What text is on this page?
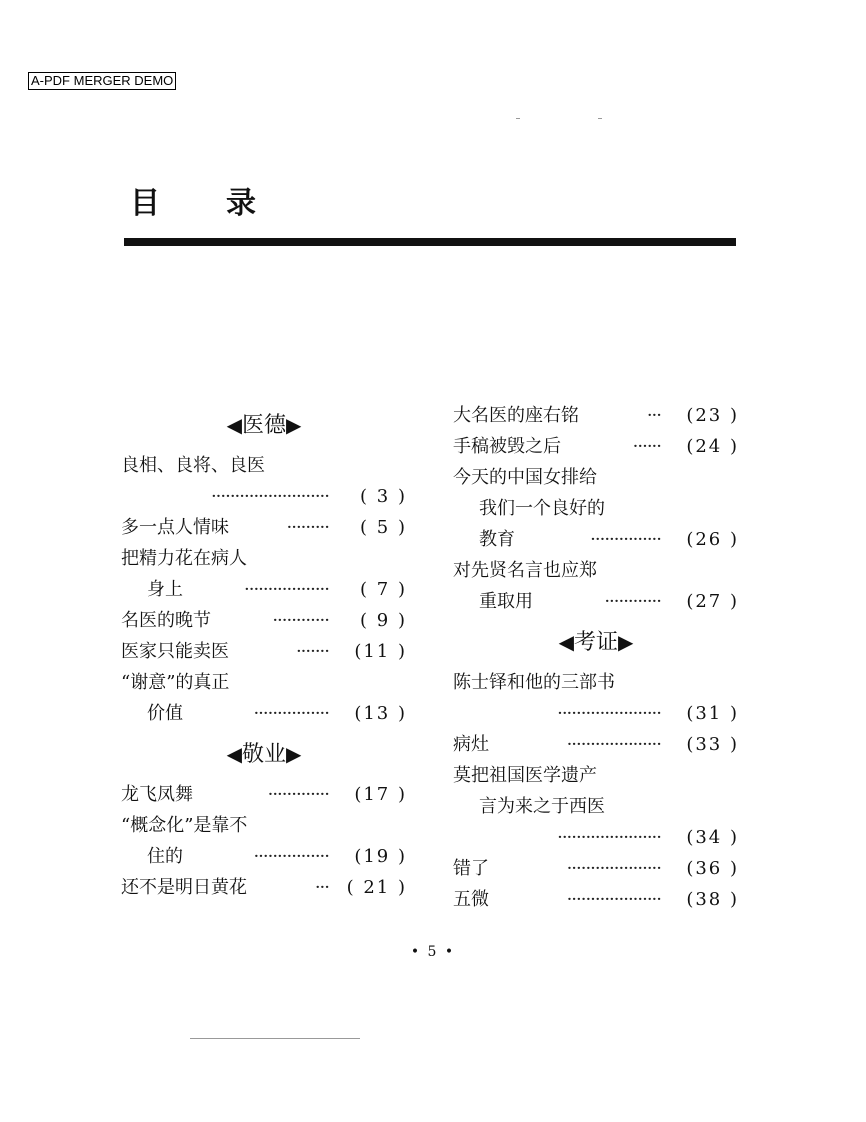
A-PDF MERGER DEMO
目 录
◀医德▶
良相、良将、良医
························· ( 3 )
多一点人情味	········· ( 5 )
把精力花在病人
身上	·················· ( 7 )
名医的晚节	············ ( 9 )
医家只能卖医	······· (11 )
“谢意”的真正
价值	················ (13 )
◀敬业▶
龙飞凤舞	············· (17 )
“概念化”是靠不
住的	················ (19 )
还不是明日黄花	··· ( 21 )
大名医的座右铭	··· (23 )
手稿被毁之后	······ (24 )
今天的中国女排给
我们一个良好的
教育	··············· (26 )
对先贤名言也应郑
重取用	············ (27 )
◀考证▶
陈士铎和他的三部书
······················ (31 )
病灶	···················· (33 )
莫把祖国医学遗产
言为来之于西医
······················ (34 )
错了	···················· (36 )
五微	···················· (38 )
• 5 •
